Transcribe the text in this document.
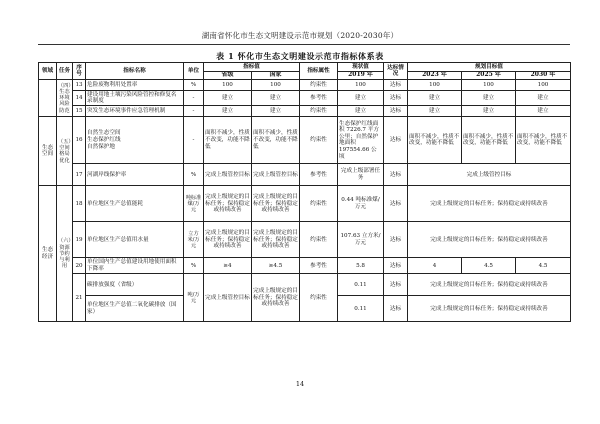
湖南省怀化市生态文明建设示范市规划（2020-2030年）
表 1 怀化市生态文明建设示范市指标体系表
领域	任务	序号	指标名称	单位	指标值		指标属性	现状值	达标情况	规划目标值		
					省级	国家		2019 年		2023 年	2025 年	2030 年
	（四）生态环境风险防范	13	危险废物利用处置率	%	100	100	约束性	100	达标	100	100	100
		14	建设用地土壤污染风险管控和修复名录制度	-	建立	建立	参考性	建立	达标	建立	建立	建立
		15	突发生态环境事件应急管理机制	-	建立	建立	约束性	建立	达标	建立	建立	建立
生态空间	（五）空间格局优化	16	自然生态空间
生态保护红线
自然保护地	-	面积不减少，性质不改变，功能不降低	面积不减少，性质不改变，功能不降低	约束性	生态保护红线面积 7226.7 平方公里；自然保护地面积 197554.66 公顷	达标	面积不减少，性质不改变，功能不降低	面积不减少，性质不改变，功能不降低	面积不减少，性质不改变，功能不降低
		17	河湖岸线保护率	%	完成上级管控目标	完成上级管控目标	参考性	完成上级部署任务	达标	完成上级管控目标		
生态经济	（六）资源节约与利用	18	单位地区生产总值能耗	吨标准煤/万元	完成上级规定的目标任务；保持稳定或持续改善	完成上级规定的目标任务；保持稳定或持续改善	约束性	0.44 吨标准煤/万元	达标	完成上级规定的目标任务；保持稳定或持续改善		
		19	单位地区生产总值用水量	立方米/万元	完成上级规定的目标任务；保持稳定或持续改善	完成上级规定的目标任务；保持稳定或持续改善	约束性	107.63 立方米/万元	达标	完成上级规定的目标任务；保持稳定或持续改善		
		20	单位国内生产总值建设用地使用面积下降率	%	≥4	≥4.5	参考性	5.8	达标	4	4.5	4.5
		21	碳排放强度（省级）	吨/万元	完成上级管控目标	完成上级规定的目标任务；保持稳定或持续改善	约束性	0.11	达标	完成上级规定的目标任务；保持稳定或持续改善		
			单位地区生产总值二氧化碳排放（国家）					0.11	达标	完成上级规定的目标任务；保持稳定或持续改善		
14
